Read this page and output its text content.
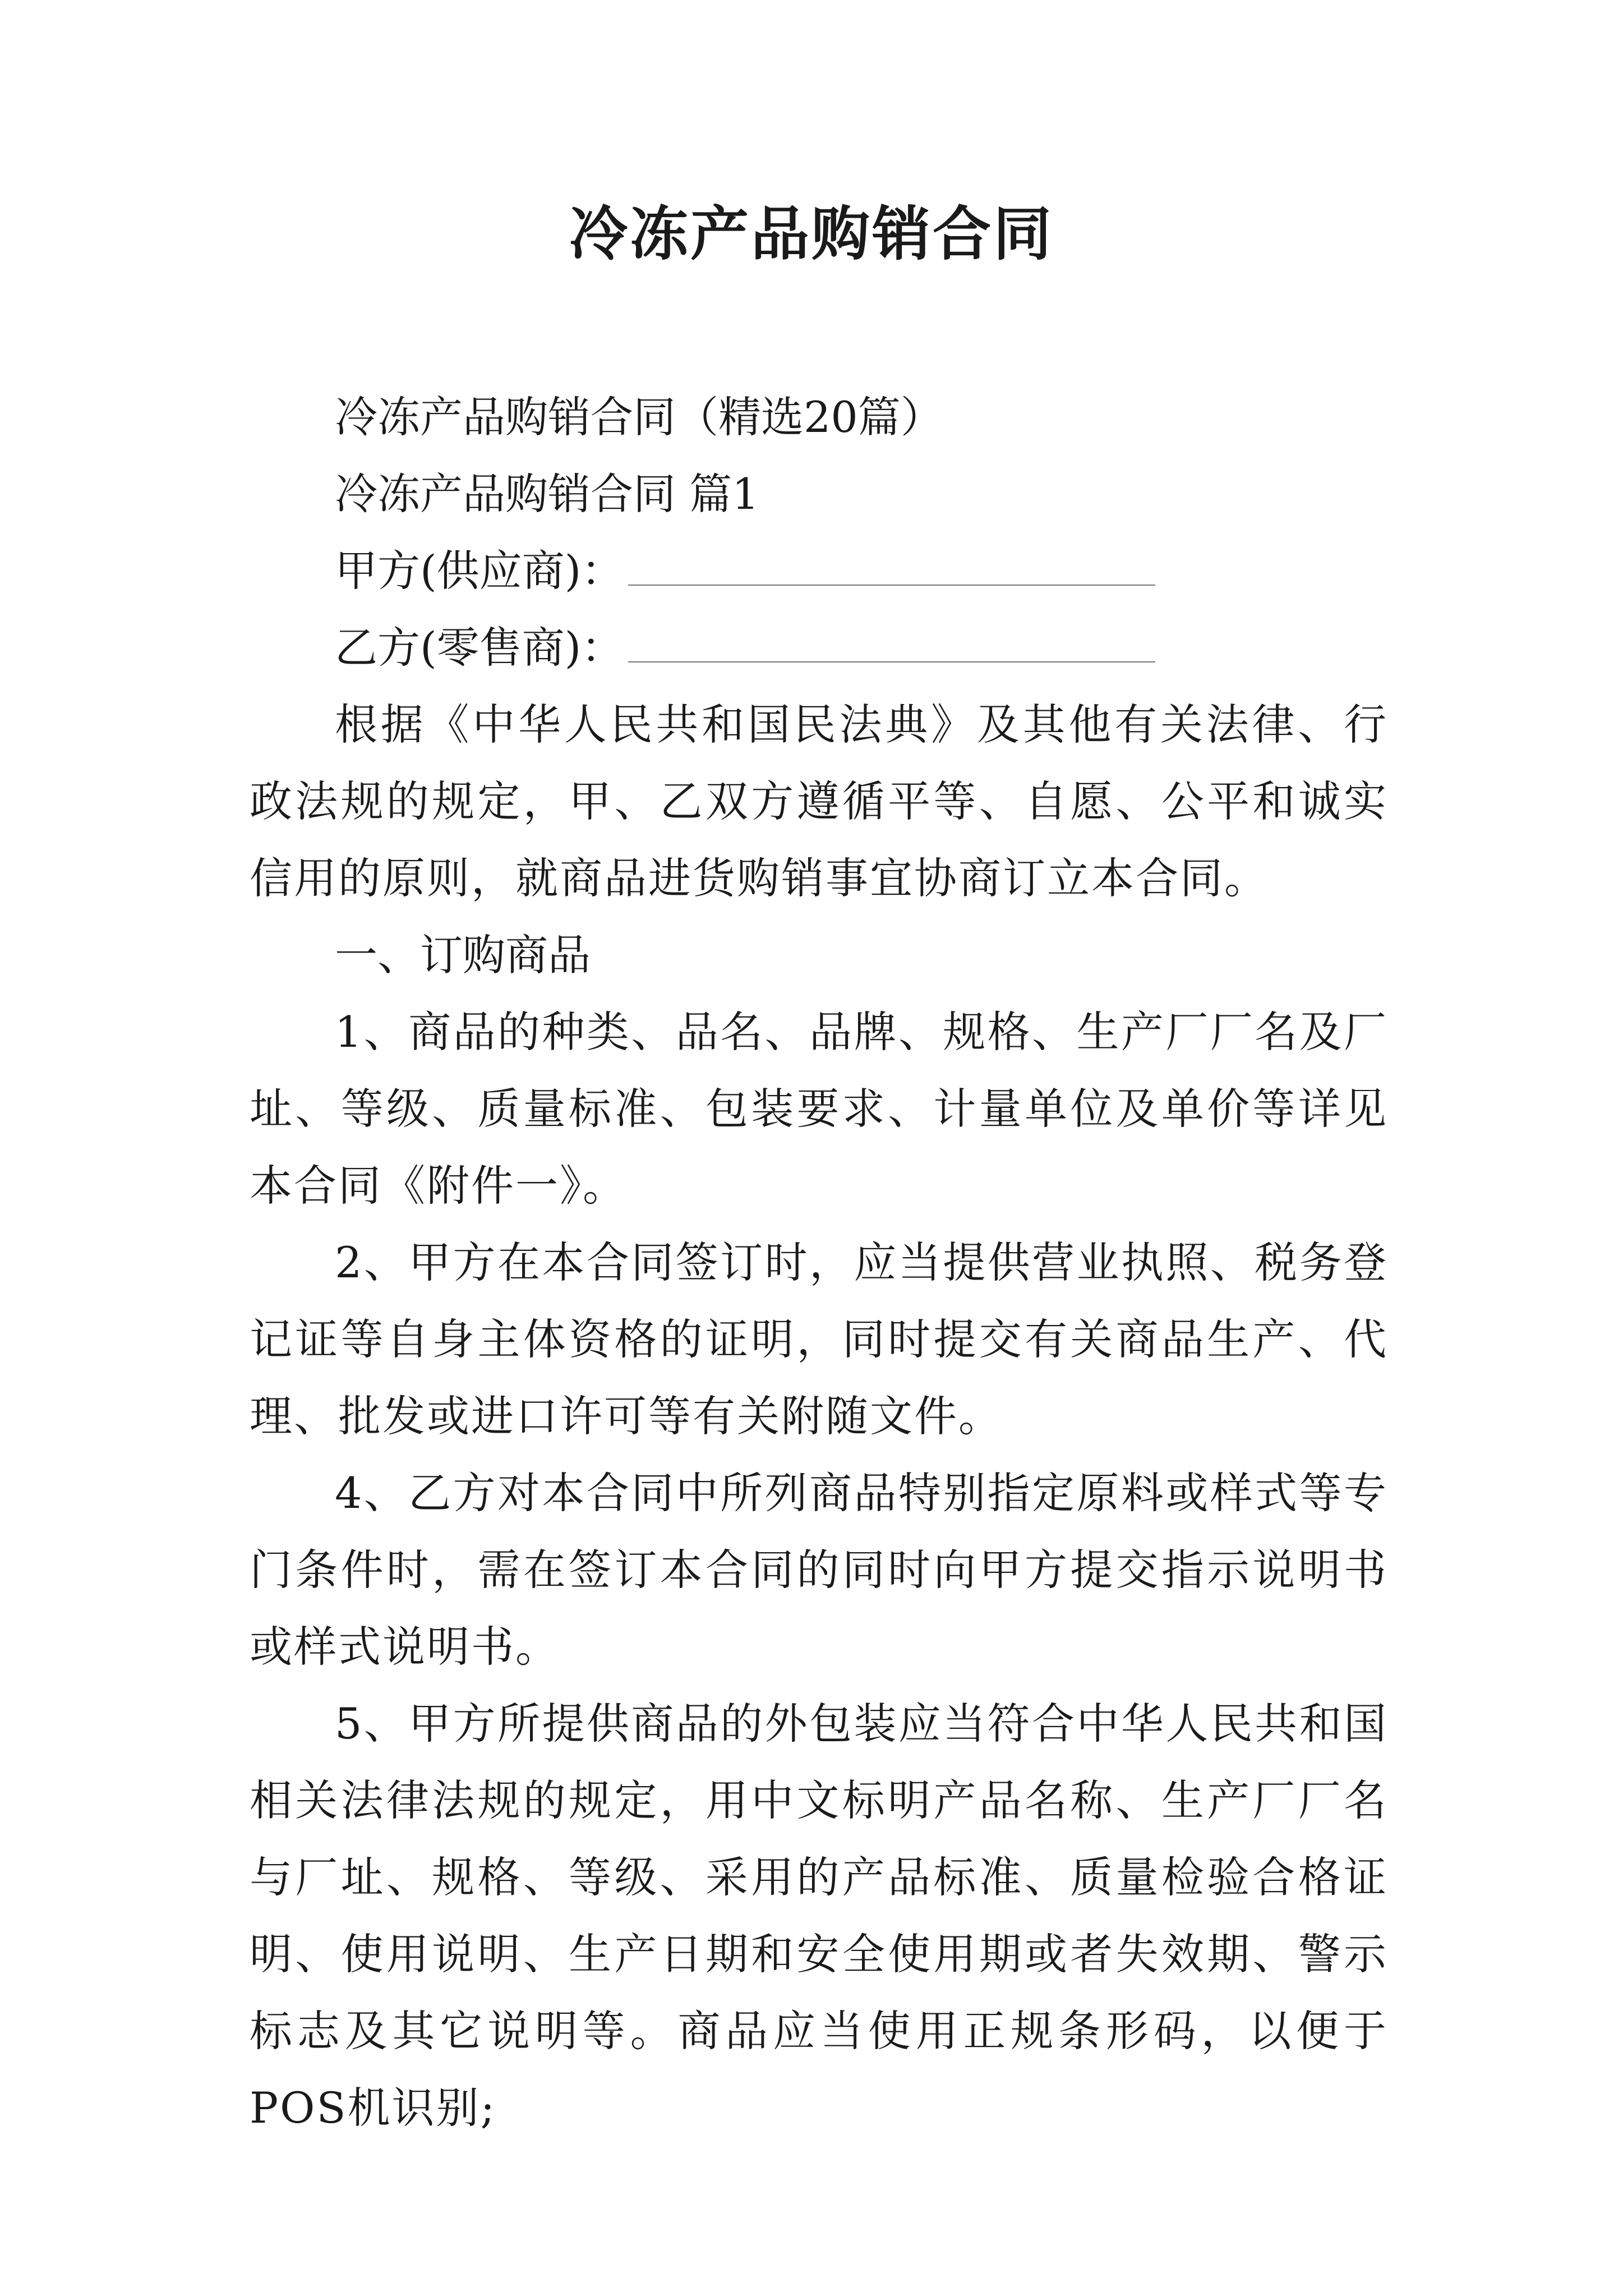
冷冻产品购销合同

冷冻产品购销合同（精选20篇）

冷冻产品购销合同 篇1

甲方(供应商)：

乙方(零售商)：

根据《中华人民共和国民法典》及其他有关法律、行政法规的规定，甲、乙双方遵循平等、自愿、公平和诚实信用的原则，就商品进货购销事宜协商订立本合同。

一、订购商品

1、商品的种类、品名、品牌、规格、生产厂厂名及厂址、等级、质量标准、包装要求、计量单位及单价等详见本合同《附件一》。

2、甲方在本合同签订时，应当提供营业执照、税务登记证等自身主体资格的证明，同时提交有关商品生产、代理、批发或进口许可等有关附随文件。

4、乙方对本合同中所列商品特别指定原料或样式等专门条件时，需在签订本合同的同时向甲方提交指示说明书或样式说明书。

5、甲方所提供商品的外包装应当符合中华人民共和国相关法律法规的规定，用中文标明产品名称、生产厂厂名与厂址、规格、等级、采用的产品标准、质量检验合格证明、使用说明、生产日期和安全使用期或者失效期、警示标志及其它说明等。商品应当使用正规条形码，以便于POS机识别;
